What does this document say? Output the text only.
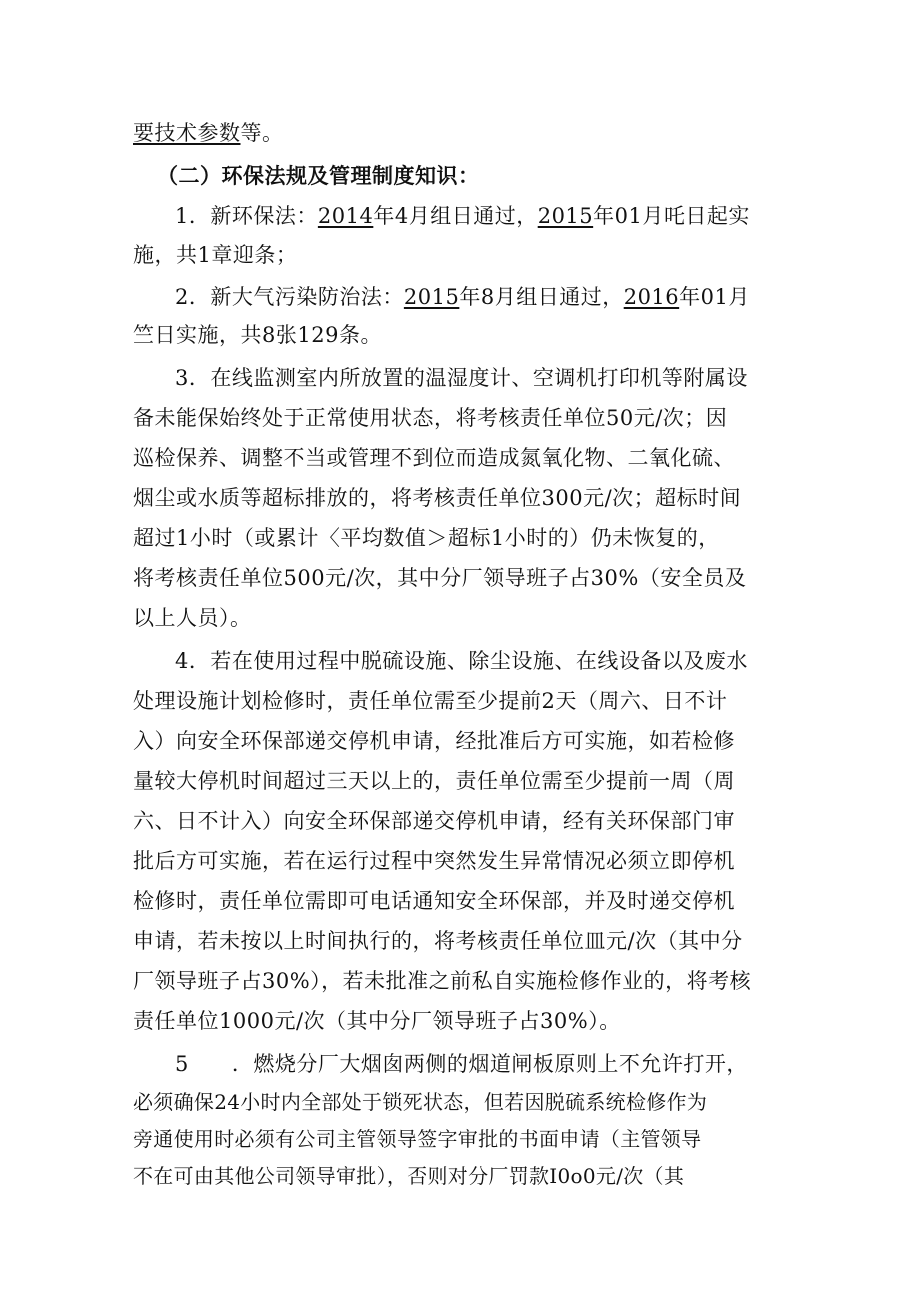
要技术参数等。
（二）环保法规及管理制度知识：
1．新环保法：2014年4月组日通过，2015年01月吒日起实
施，共1章迎条；
2．新大气污染防治法：2015年8月组日通过，2016年01月
竺日实施，共8张129条。
3．在线监测室内所放置的温湿度计、空调机打印机等附属设
备未能保始终处于正常使用状态，将考核责任单位50元/次；因
巡检保养、调整不当或管理不到位而造成氮氧化物、二氧化硫、
烟尘或水质等超标排放的，将考核责任单位300元/次；超标时间
超过1小时（或累计〈平均数值＞超标1小时的）仍未恢复的，
将考核责任单位500元/次，其中分厂领导班子占30%（安全员及
以上人员）。
4．若在使用过程中脱硫设施、除尘设施、在线设备以及废水
处理设施计划检修时，责任单位需至少提前2天（周六、日不计
入）向安全环保部递交停机申请，经批准后方可实施，如若检修
量较大停机时间超过三天以上的，责任单位需至少提前一周（周
六、日不计入）向安全环保部递交停机申请，经有关环保部门审
批后方可实施，若在运行过程中突然发生异常情况必须立即停机
检修时，责任单位需即可电话通知安全环保部，并及时递交停机
申请，若未按以上时间执行的，将考核责任单位皿元/次（其中分
厂领导班子占30%），若未批准之前私自实施检修作业的，将考核
责任单位1000元/次（其中分厂领导班子占30%）。
5　　．燃烧分厂大烟囱两侧的烟道闸板原则上不允许打开，
必须确保24小时内全部处于锁死状态，但若因脱硫系统检修作为
旁通使用时必须有公司主管领导签字审批的书面申请（主管领导
不在可由其他公司领导审批），否则对分厂罚款I0o0元/次（其
